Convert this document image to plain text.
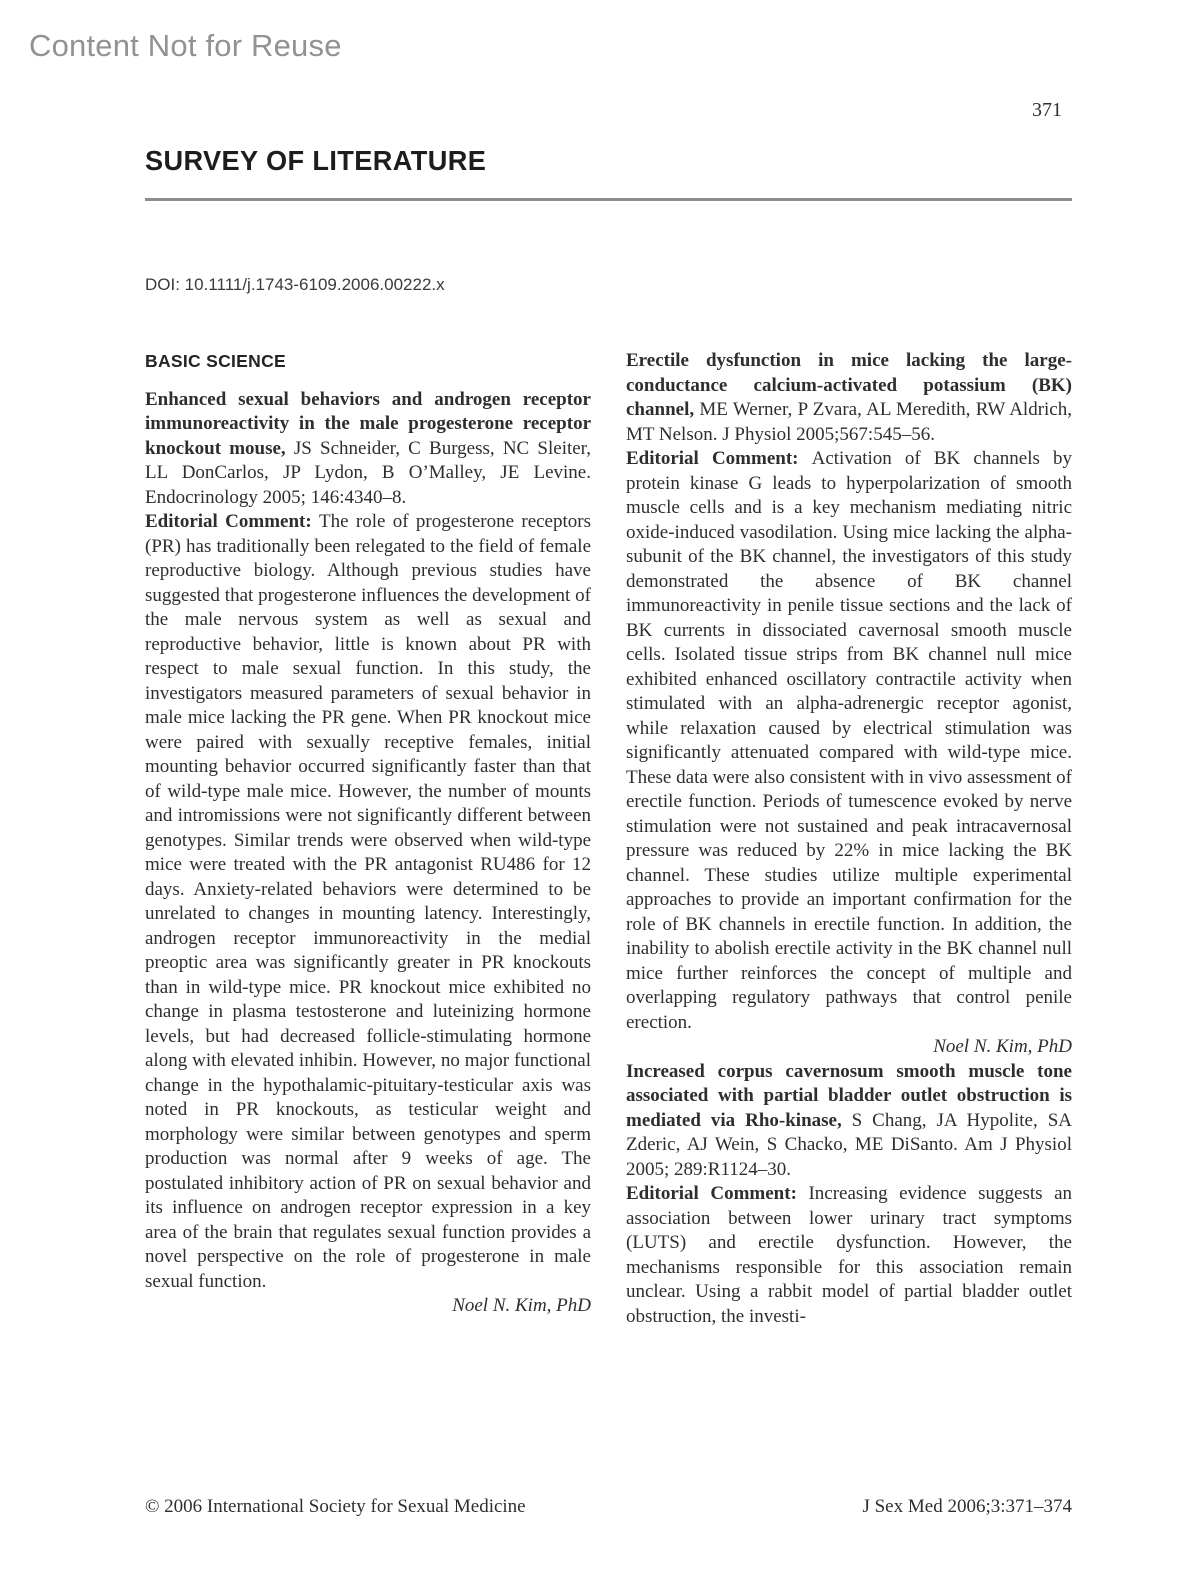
Content Not for Reuse
371
SURVEY OF LITERATURE
DOI: 10.1111/j.1743-6109.2006.00222.x
BASIC SCIENCE

Enhanced sexual behaviors and androgen receptor immunoreactivity in the male progesterone receptor knockout mouse, JS Schneider, C Burgess, NC Sleiter, LL DonCarlos, JP Lydon, B O’Malley, JE Levine. Endocrinology 2005; 146:4340–8.

Editorial Comment: The role of progesterone receptors (PR) has traditionally been relegated to the field of female reproductive biology. Although previous studies have suggested that progesterone influences the development of the male nervous system as well as sexual and reproductive behavior, little is known about PR with respect to male sexual function. In this study, the investigators measured parameters of sexual behavior in male mice lacking the PR gene. When PR knockout mice were paired with sexually receptive females, initial mounting behavior occurred significantly faster than that of wild-type male mice. However, the number of mounts and intromissions were not significantly different between genotypes. Similar trends were observed when wild-type mice were treated with the PR antagonist RU486 for 12 days. Anxiety-related behaviors were determined to be unrelated to changes in mounting latency. Interestingly, androgen receptor immunoreactivity in the medial preoptic area was significantly greater in PR knockouts than in wild-type mice. PR knockout mice exhibited no change in plasma testosterone and luteinizing hormone levels, but had decreased follicle-stimulating hormone along with elevated inhibin. However, no major functional change in the hypothalamic-pituitary-testicular axis was noted in PR knockouts, as testicular weight and morphology were similar between genotypes and sperm production was normal after 9 weeks of age. The postulated inhibitory action of PR on sexual behavior and its influence on androgen receptor expression in a key area of the brain that regulates sexual function provides a novel perspective on the role of progesterone in male sexual function.

Noel N. Kim, PhD

Erectile dysfunction in mice lacking the large-conductance calcium-activated potassium (BK) channel, ME Werner, P Zvara, AL Meredith, RW Aldrich, MT Nelson. J Physiol 2005;567:545–56.

Editorial Comment: Activation of BK channels by protein kinase G leads to hyperpolarization of smooth muscle cells and is a key mechanism mediating nitric oxide-induced vasodilation. Using mice lacking the alpha-subunit of the BK channel, the investigators of this study demonstrated the absence of BK channel immunoreactivity in penile tissue sections and the lack of BK currents in dissociated cavernosal smooth muscle cells. Isolated tissue strips from BK channel null mice exhibited enhanced oscillatory contractile activity when stimulated with an alpha-adrenergic receptor agonist, while relaxation caused by electrical stimulation was significantly attenuated compared with wild-type mice. These data were also consistent with in vivo assessment of erectile function. Periods of tumescence evoked by nerve stimulation were not sustained and peak intracavernosal pressure was reduced by 22% in mice lacking the BK channel. These studies utilize multiple experimental approaches to provide an important confirmation for the role of BK channels in erectile function. In addition, the inability to abolish erectile activity in the BK channel null mice further reinforces the concept of multiple and overlapping regulatory pathways that control penile erection.

Noel N. Kim, PhD

Increased corpus cavernosum smooth muscle tone associated with partial bladder outlet obstruction is mediated via Rho-kinase, S Chang, JA Hypolite, SA Zderic, AJ Wein, S Chacko, ME DiSanto. Am J Physiol 2005; 289:R1124–30.

Editorial Comment: Increasing evidence suggests an association between lower urinary tract symptoms (LUTS) and erectile dysfunction. However, the mechanisms responsible for this association remain unclear. Using a rabbit model of partial bladder outlet obstruction, the investi-

© 2006 International Society for Sexual Medicine	J Sex Med 2006;3:371–374
